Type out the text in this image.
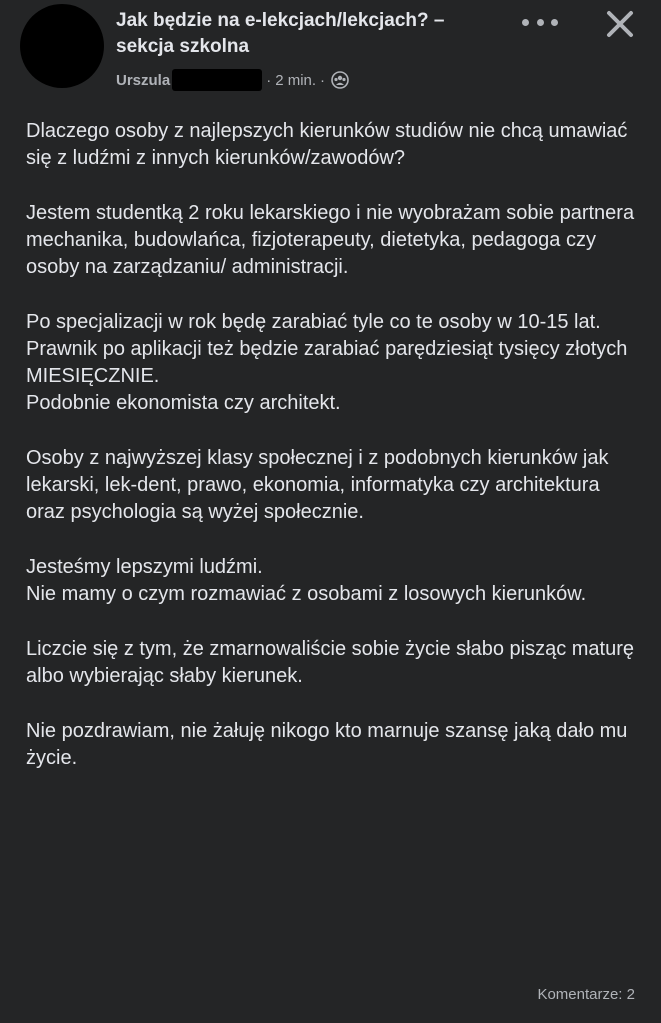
Jak będzie na e-lekcjach/lekcjach? – sekcja szkolna
Urszula	· 2 min. ·

Dlaczego osoby z najlepszych kierunków studiów nie chcą umawiać się z ludźmi z innych kierunków/zawodów?

Jestem studentką 2 roku lekarskiego i nie wyobrażam sobie partnera mechanika, budowlańca, fizjoterapeuty, dietetyka, pedagoga czy osoby na zarządzaniu/ administracji.

Po specjalizacji w rok będę zarabiać tyle co te osoby w 10-15 lat.
Prawnik po aplikacji też będzie zarabiać parędziesiąt tysięcy złotych MIESIĘCZNIE.
Podobnie ekonomista czy architekt.

Osoby z najwyższej klasy społecznej i z podobnych kierunków jak lekarski, lek-dent, prawo, ekonomia, informatyka czy architektura oraz psychologia są wyżej społecznie.

Jesteśmy lepszymi ludźmi.
Nie mamy o czym rozmawiać z osobami z losowych kierunków.

Liczcie się z tym, że zmarnowaliście sobie życie słabo pisząc maturę albo wybierając słaby kierunek.

Nie pozdrawiam, nie żałuję nikogo kto marnuje szansę jaką dało mu życie.

Komentarze: 2
